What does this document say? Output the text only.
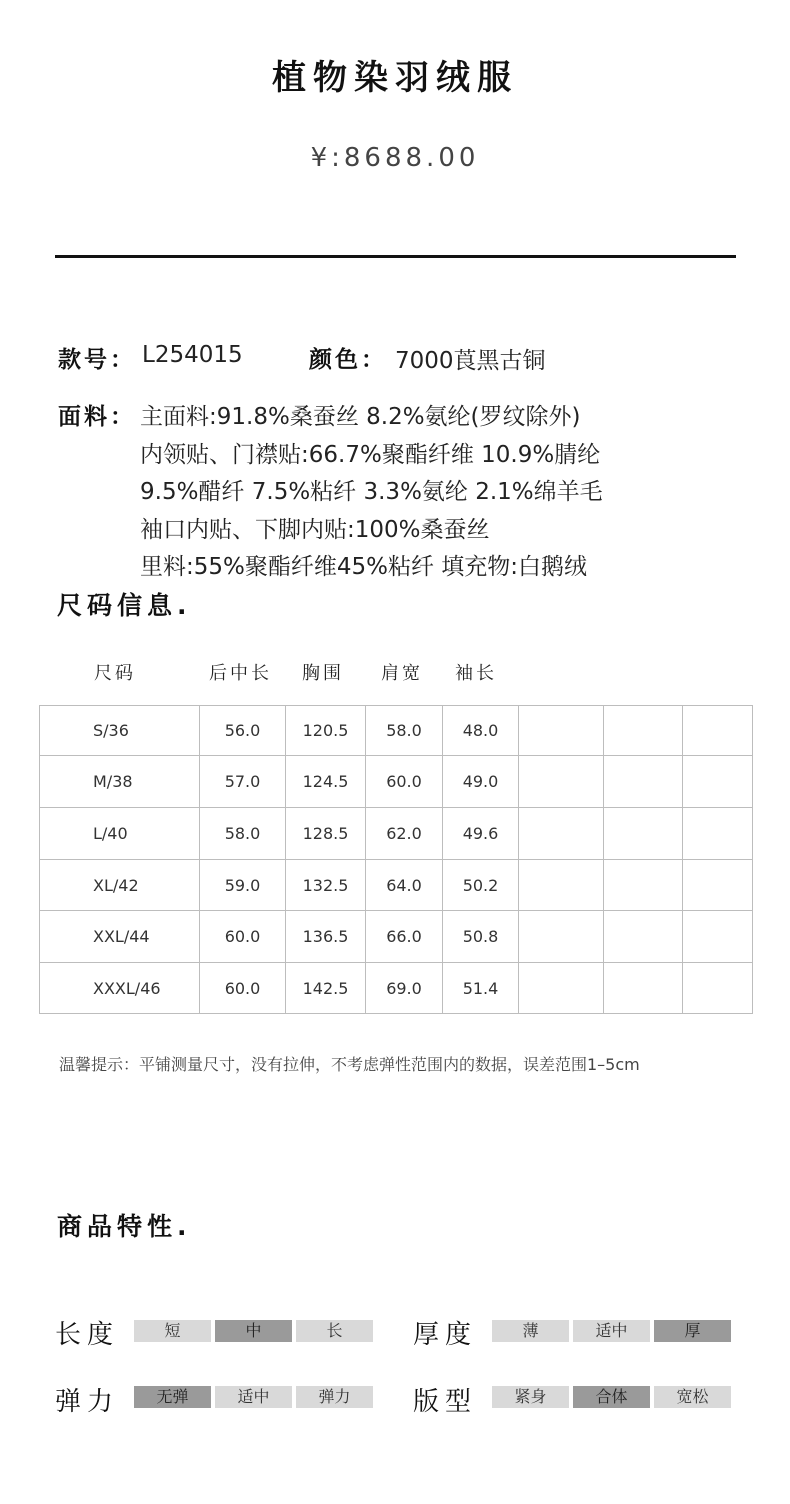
植物染羽绒服
¥:8688.00
款号： L254015	颜色： 7000莨黑古铜
面料： 主面料:91.8%桑蚕丝 8.2%氨纶(罗纹除外)
内领贴、门襟贴:66.7%聚酯纤维 10.9%腈纶
9.5%醋纤 7.5%粘纤 3.3%氨纶 2.1%绵羊毛
袖口内贴、下脚内贴:100%桑蚕丝
里料:55%聚酯纤维45%粘纤 填充物:白鹅绒
尺码信息.
尺码	后中长 胸围 肩宽 袖长
S/36	56.0	120.5	58.0	48.0			
M/38	57.0	124.5	60.0	49.0			
L/40	58.0	128.5	62.0	49.6			
XL/42	59.0	132.5	64.0	50.2			
XXL/44	60.0	136.5	66.0	50.8			
XXXL/46	60.0	142.5	69.0	51.4			
温馨提示：平铺测量尺寸，没有拉伸，不考虑弹性范围内的数据，误差范围1–5cm
商品特性.
长度	厚度
弹力	版型
短	中	长	薄	适中	厚
无弹	适中	弹力	紧身	合体	宽松
